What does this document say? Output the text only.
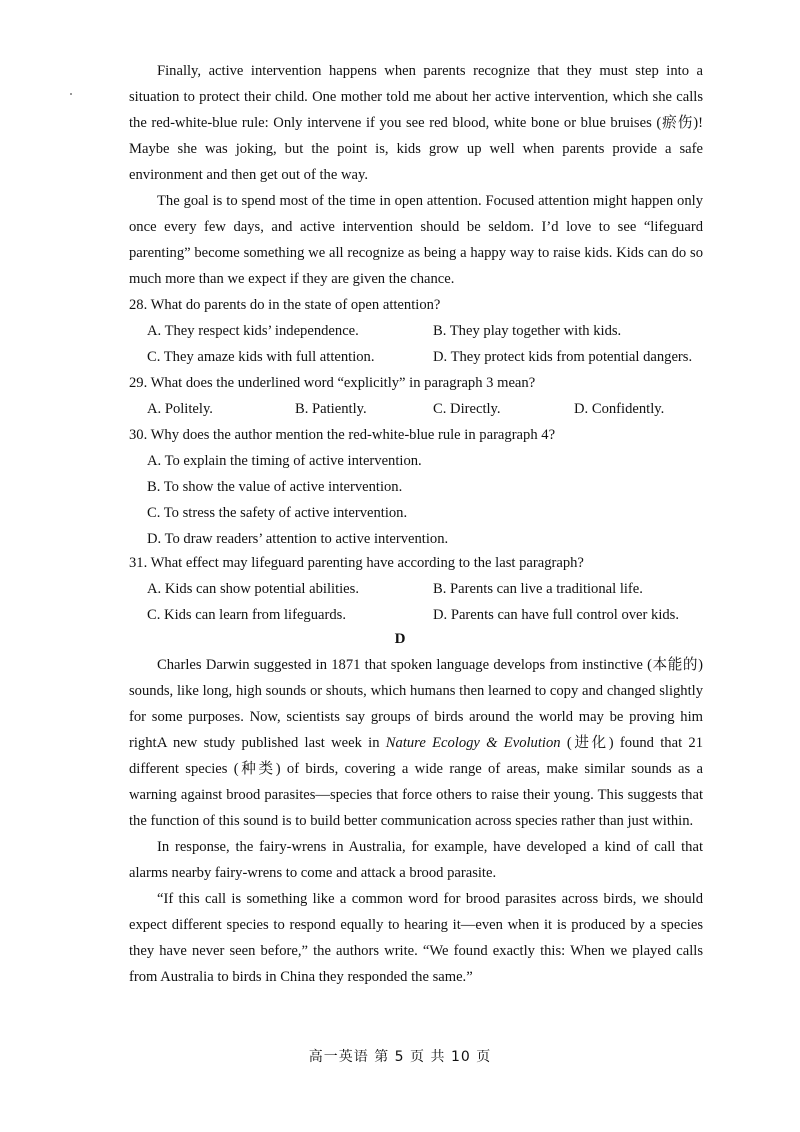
Finally, active intervention happens when parents recognize that they must step into a situation to protect their child. One mother told me about her active intervention, which she calls the red-white-blue rule: Only intervene if you see red blood, white bone or blue bruises (瘀伤)! Maybe she was joking, but the point is, kids grow up well when parents provide a safe environment and then get out of the way.

The goal is to spend most of the time in open attention. Focused attention might happen only once every few days, and active intervention should be seldom. I’d love to see “lifeguard parenting” become something we all recognize as being a happy way to raise kids. Kids can do so much more than we expect if they are given the chance.

28. What do parents do in the state of open attention?

A. They respect kids’ independence.	B. They play together with kids.

C. They amaze kids with full attention.	D. They protect kids from potential dangers.

29. What does the underlined word “explicitly” in paragraph 3 mean?

A. Politely.	B. Patiently.	C. Directly.	D. Confidently.

30. Why does the author mention the red-white-blue rule in paragraph 4?

A. To explain the timing of active intervention.

B. To show the value of active intervention.

C. To stress the safety of active intervention.

D. To draw readers’ attention to active intervention.

31. What effect may lifeguard parenting have according to the last paragraph?

A. Kids can show potential abilities.	B. Parents can live a traditional life.

C. Kids can learn from lifeguards.	D. Parents can have full control over kids.

D

Charles Darwin suggested in 1871 that spoken language develops from instinctive (本能的) sounds, like long, high sounds or shouts, which humans then learned to copy and changed slightly for some purposes. Now, scientists say groups of birds around the world may be proving him right.

A new study published last week in Nature Ecology & Evolution (进化) found that 21 different species (种类) of birds, covering a wide range of areas, make similar sounds as a warning against brood parasites—species that force others to raise their young. This suggests that the function of this sound is to build better communication across species rather than just within.

In response, the fairy-wrens in Australia, for example, have developed a kind of call that alarms nearby fairy-wrens to come and attack a brood parasite.

“If this call is something like a common word for brood parasites across birds, we should expect different species to respond equally to hearing it—even when it is produced by a species they have never seen before,” the authors write. “We found exactly this: When we played calls from Australia to birds in China they responded the same.”

高一英语 第 5 页 共 10 页
